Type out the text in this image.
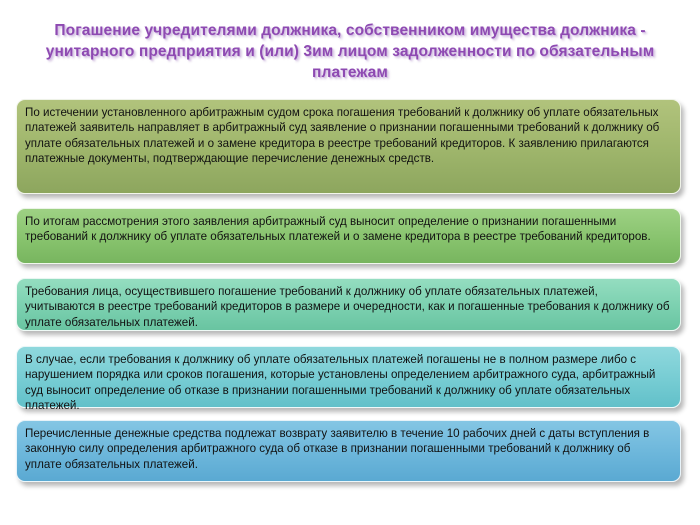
Погашение учредителями должника, собственником имущества должника - унитарного предприятия и (или) 3им лицом задолженности по обязательным платежам
По истечении установленного арбитражным судом срока погашения требований к должнику об уплате обязательных платежей заявитель направляет в арбитражный суд заявление о признании погашенными требований к должнику об уплате обязательных платежей и о замене кредитора в реестре требований кредиторов. К заявлению прилагаются платежные документы, подтверждающие перечисление денежных средств.
По итогам рассмотрения этого заявления арбитражный суд выносит определение о признании погашенными требований к должнику об уплате обязательных платежей и о замене кредитора в реестре требований кредиторов.
Требования лица, осуществившего погашение требований к должнику об уплате обязательных платежей, учитываются в реестре требований кредиторов в размере и очередности, как и погашенные требования к должнику об уплате обязательных платежей.
В случае, если требования к должнику об уплате обязательных платежей погашены не в полном размере либо с нарушением порядка или сроков погашения, которые установлены определением арбитражного суда, арбитражный суд выносит определение об отказе в признании погашенными требований к должнику об уплате обязательных платежей.
Перечисленные денежные средства подлежат возврату заявителю в течение 10 рабочих дней с даты вступления в законную силу определения арбитражного суда об отказе в признании погашенными требований к должнику об уплате обязательных платежей.
